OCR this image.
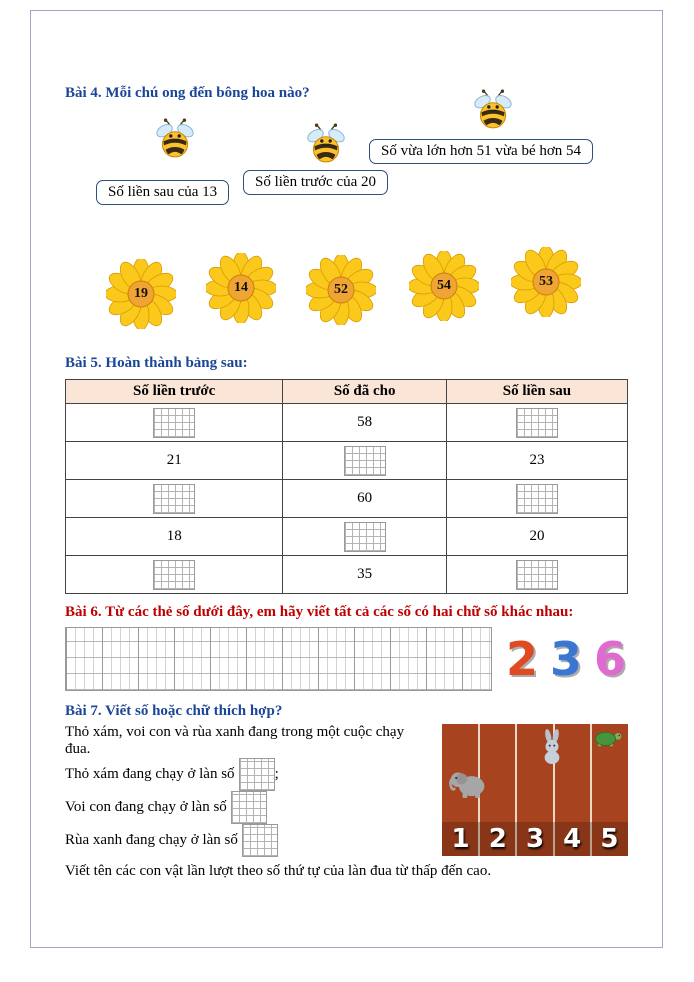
Bài 4. Mỗi chú ong đến bông hoa nào?
Số liền sau của 13
Số liền trước của 20
Số vừa lớn hơn 51 vừa bé hơn 54
19	14	52	54	53
Bài 5. Hoàn thành bảng sau:
Số liền trước	Số đã cho	Số liền sau
	58	
21		23
	60	
18		20
	35	
Bài 6. Từ các thẻ số dưới đây, em hãy viết tất cả các số có hai chữ số khác nhau:
2 3 6
Bài 7. Viết số hoặc chữ thích hợp?

Thỏ xám, voi con và rùa xanh đang trong một cuộc chạy đua.

Thỏ xám đang chạy ở làn số	;

Voi con đang chạy ở làn số

Rùa xanh đang chạy ở làn số	1 2 3 4 5

Viết tên các con vật lần lượt theo số thứ tự của làn đua từ thấp đến cao.
